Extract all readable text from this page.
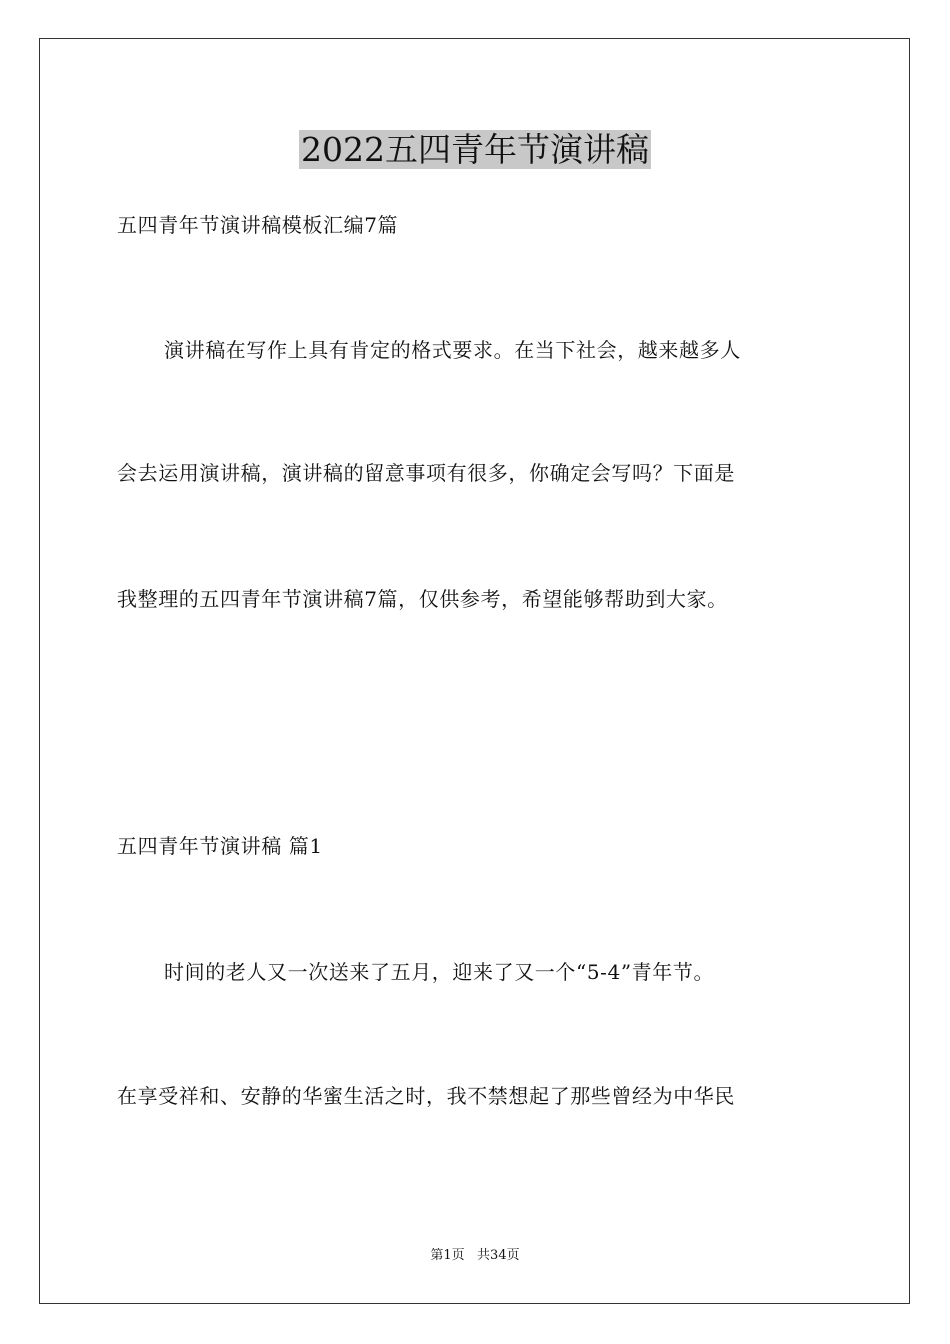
2022五四青年节演讲稿

五四青年节演讲稿模板汇编7篇

演讲稿在写作上具有肯定的格式要求。在当下社会，越来越多人

会去运用演讲稿，演讲稿的留意事项有很多，你确定会写吗？下面是

我整理的五四青年节演讲稿7篇，仅供参考，希望能够帮助到大家。

五四青年节演讲稿 篇1

时间的老人又一次送来了五月，迎来了又一个“5-4”青年节。

在享受祥和、安静的华蜜生活之时，我不禁想起了那些曾经为中华民

第1页   共34页
